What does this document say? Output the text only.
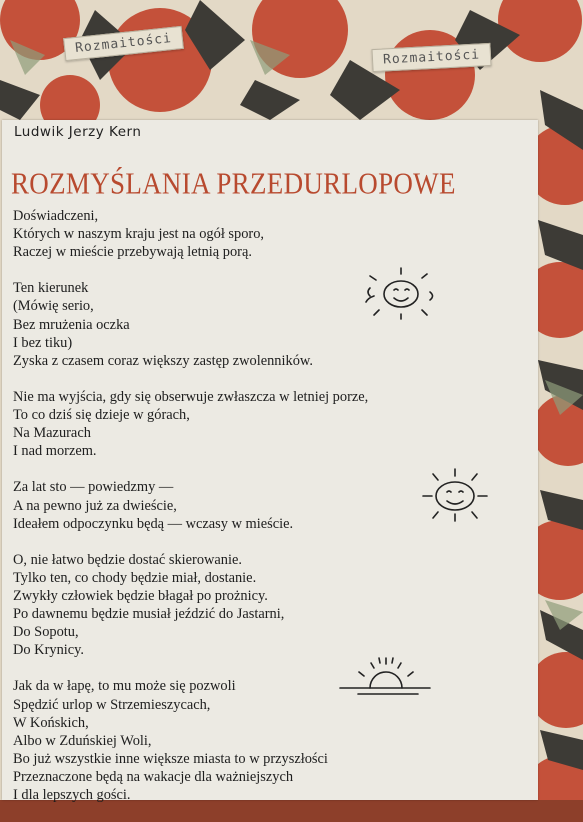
Rozmaitości
Rozmaitości
Ludwik Jerzy Kern
ROZMYŚLANIA PRZEDURLOPOWE

Doświadczeni,
Których w naszym kraju jest na ogół sporo,
Raczej w mieście przebywają letnią porą.

Ten kierunek
(Mówię serio,
Bez mrużenia oczka
I bez tiku)
Zyska z czasem coraz większy zastęp zwolenników.

Nie ma wyjścia, gdy się obserwuje zwłaszcza w letniej porze,
To co dziś się dzieje w górach,
Na Mazurach
I nad morzem.

Za lat sto — powiedzmy —
A na pewno już za dwieście,
Ideałem odpoczynku będą — wczasy w mieście.

O, nie łatwo będzie dostać skierowanie.
Tylko ten, co chody będzie miał, dostanie.
Zwykły człowiek będzie błagał po prożnicy.
Po dawnemu będzie musiał jeździć do Jastarni,
Do Sopotu,
Do Krynicy.

Jak da w łapę, to mu może się pozwoli
Spędzić urlop w Strzemieszycach,
W Końskich,
Albo w Zduńskiej Woli,
Bo już wszystkie inne większe miasta to w przyszłości
Przeznaczone będą na wakacje dla ważniejszych
I dla lepszych gości.
